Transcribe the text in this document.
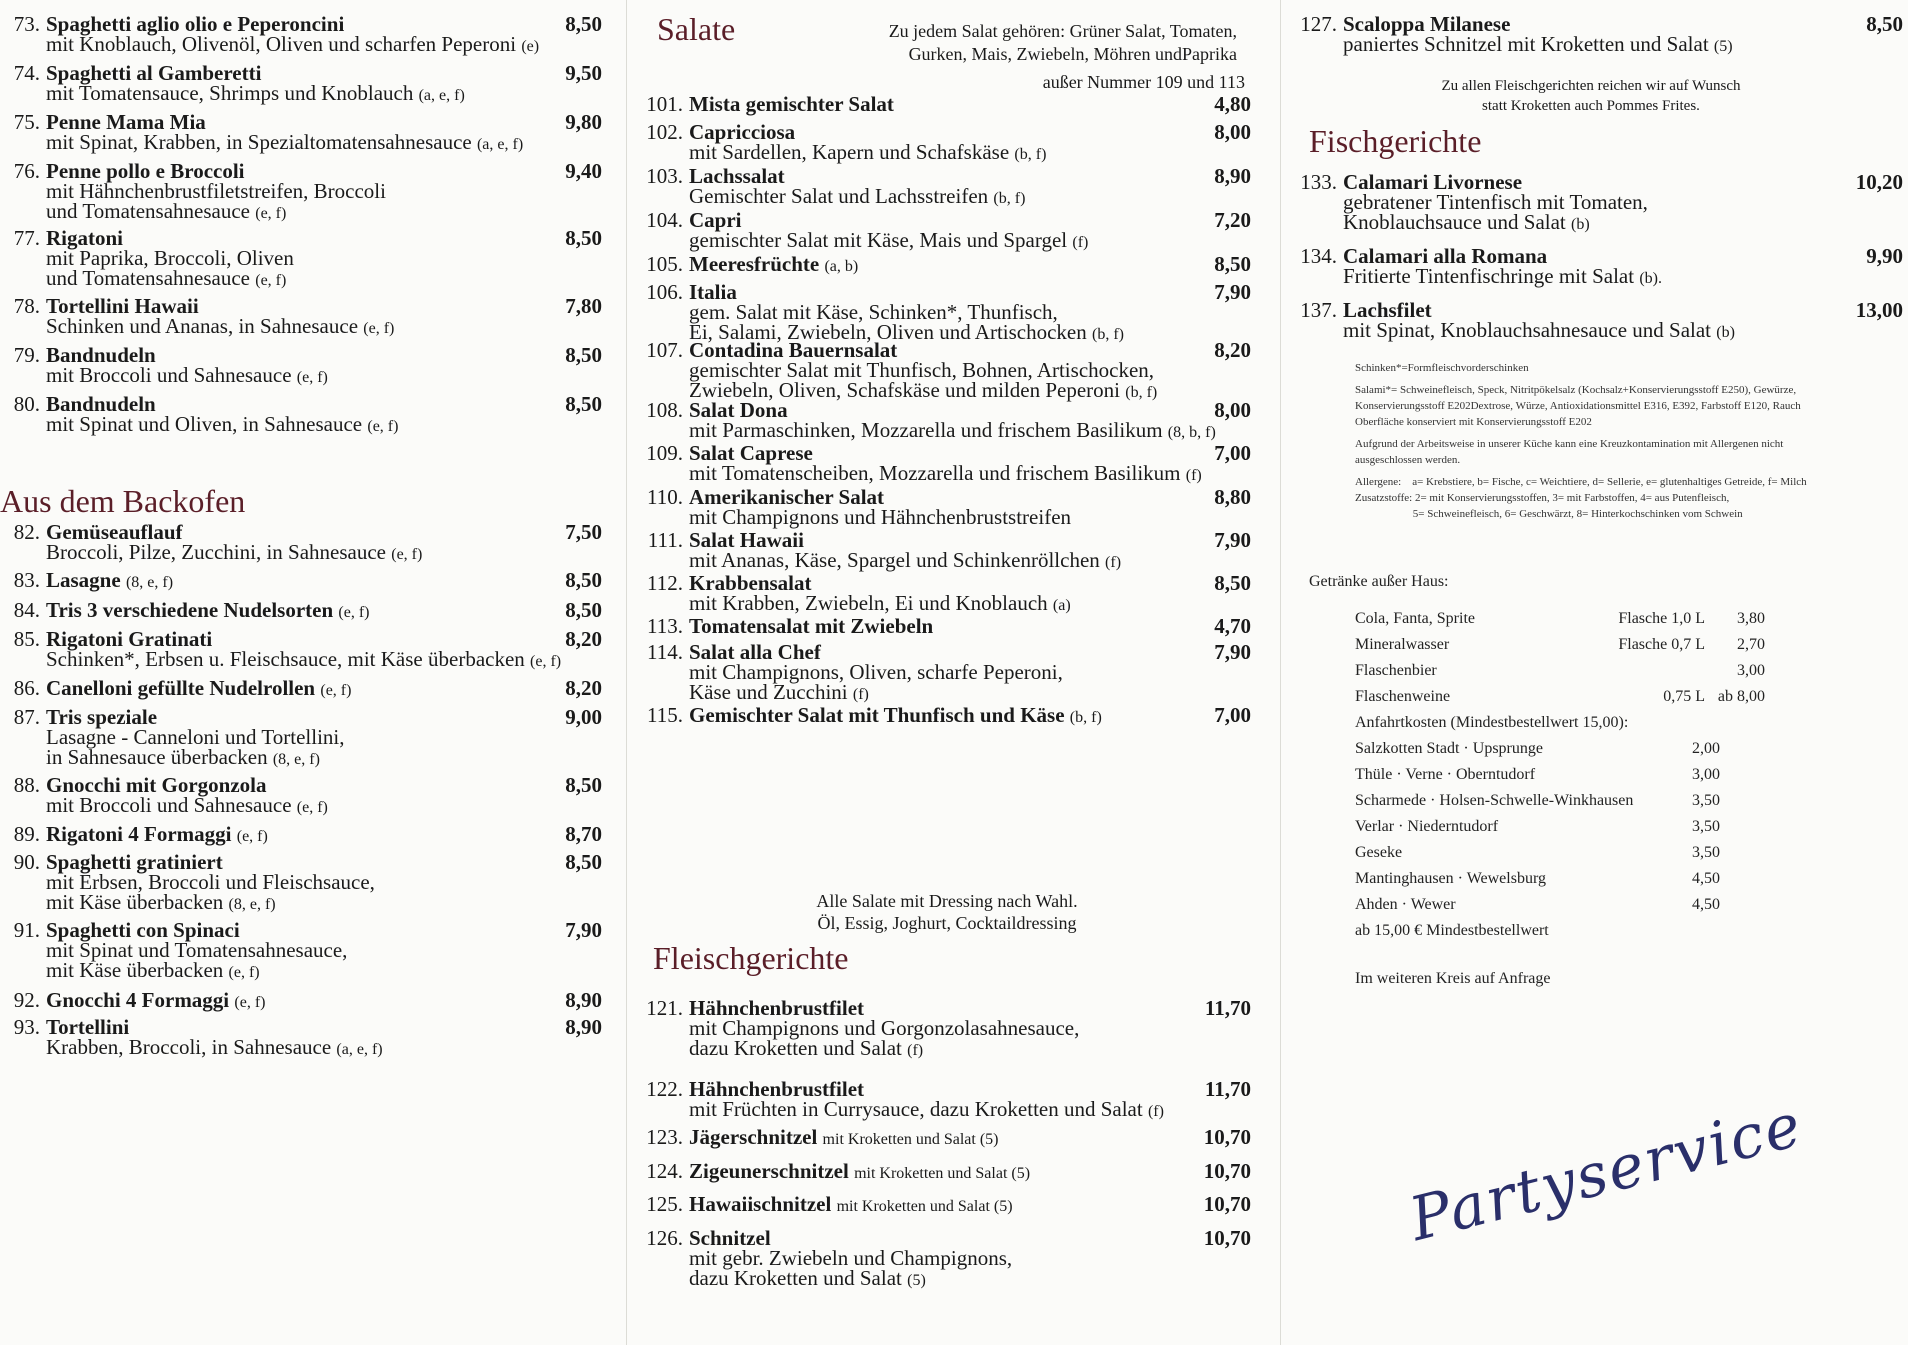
73. Spaghetti aglio olio e Peperoncini	8,50
mit Knoblauch, Olivenöl, Oliven und scharfen Peperoni (e)
74. Spaghetti al Gamberetti	9,50
mit Tomatensauce, Shrimps und Knoblauch (a, e, f)
75. Penne Mama Mia	9,80
mit Spinat, Krabben, in Spezialtomatensahnesauce (a, e, f)
76. Penne pollo e Broccoli	9,40
mit Hähnchenbrustfiletstreifen, Broccoli
und Tomatensahnesauce (e, f)
77. Rigatoni	8,50
mit Paprika, Broccoli, Oliven
und Tomatensahnesauce (e, f)
78. Tortellini Hawaii	7,80
Schinken und Ananas, in Sahnesauce (e, f)
79. Bandnudeln	8,50
mit Broccoli und Sahnesauce (e, f)
80. Bandnudeln	8,50
mit Spinat und Oliven, in Sahnesauce (e, f)
Aus dem Backofen
82. Gemüseauflauf	7,50
Broccoli, Pilze, Zucchini, in Sahnesauce (e, f)
83. Lasagne (8, e, f)	8,50
84. Tris 3 verschiedene Nudelsorten (e, f)	8,50
85. Rigatoni Gratinati	8,20
Schinken*, Erbsen u. Fleischsauce, mit Käse überbacken (e, f)
86. Canelloni gefüllte Nudelrollen (e, f)	8,20
87. Tris speziale	9,00
Lasagne - Canneloni und Tortellini,
in Sahnesauce überbacken (8, e, f)
88. Gnocchi mit Gorgonzola	8,50
mit Broccoli und Sahnesauce (e, f)
89. Rigatoni 4 Formaggi (e, f)	8,70
90. Spaghetti gratiniert	8,50
mit Erbsen, Broccoli und Fleischsauce,
mit Käse überbacken (8, e, f)
91. Spaghetti con Spinaci	7,90
mit Spinat und Tomatensahnesauce,
mit Käse überbacken (e, f)
92. Gnocchi 4 Formaggi (e, f)	8,90
93. Tortellini	8,90
Krabben, Broccoli, in Sahnesauce (a, e, f)
Salate	Zu jedem Salat gehören: Grüner Salat, Tomaten,
Gurken, Mais, Zwiebeln, Möhren undPaprika
außer Nummer 109 und 113
101. Mista gemischter Salat	4,80
102. Capricciosa	8,00
mit Sardellen, Kapern und Schafskäse (b, f)
103. Lachssalat	8,90
Gemischter Salat und Lachsstreifen (b, f)
104. Capri	7,20
gemischter Salat mit Käse, Mais und Spargel (f)
105. Meeresfrüchte (a, b)	8,50
106. Italia	7,90
gem. Salat mit Käse, Schinken*, Thunfisch,
Ei, Salami, Zwiebeln, Oliven und Artischocken (b, f)
107. Contadina Bauernsalat	8,20
gemischter Salat mit Thunfisch, Bohnen, Artischocken,
Zwiebeln, Oliven, Schafskäse und milden Peperoni (b, f)
108. Salat Dona	8,00
mit Parmaschinken, Mozzarella und frischem Basilikum (8, b, f)
109. Salat Caprese	7,00
mit Tomatenscheiben, Mozzarella und frischem Basilikum (f)
110. Amerikanischer Salat	8,80
mit Champignons und Hähnchenbruststreifen
111. Salat Hawaii	7,90
mit Ananas, Käse, Spargel und Schinkenröllchen (f)
112. Krabbensalat	8,50
mit Krabben, Zwiebeln, Ei und Knoblauch (a)
113. Tomatensalat mit Zwiebeln	4,70
114. Salat alla Chef	7,90
mit Champignons, Oliven, scharfe Peperoni,
Käse und Zucchini (f)
115. Gemischter Salat mit Thunfisch und Käse (b, f)	7,00
Alle Salate mit Dressing nach Wahl.
Öl, Essig, Joghurt, Cocktaildressing
Fleischgerichte
121. Hähnchenbrustfilet	11,70
mit Champignons und Gorgonzolasahnesauce,
dazu Kroketten und Salat (f)
122. Hähnchenbrustfilet	11,70
mit Früchten in Currysauce, dazu Kroketten und Salat (f)
123. Jägerschnitzel mit Kroketten und Salat (5)	10,70
124. Zigeunerschnitzel mit Kroketten und Salat (5)	10,70
125. Hawaiischnitzel mit Kroketten und Salat (5)	10,70
126. Schnitzel	10,70
mit gebr. Zwiebeln und Champignons,
dazu Kroketten und Salat (5)
127. Scaloppa Milanese	8,50
paniertes Schnitzel mit Kroketten und Salat (5)
Zu allen Fleischgerichten reichen wir auf Wunsch
statt Kroketten auch Pommes Frites.
Fischgerichte
133. Calamari Livornese	10,20
gebratener Tintenfisch mit Tomaten,
Knoblauchsauce und Salat (b)
134. Calamari alla Romana	9,90
Fritierte Tintenfischringe mit Salat (b).
137. Lachsfilet	13,00
mit Spinat, Knoblauchsahnesauce und Salat (b)
Schinken*=Formfleischvorderschinken
Salami*= Schweinefleisch, Speck, Nitritpökelsalz (Kochsalz+Konservierungsstoff E250), Gewürze,
Konservierungsstoff E202Dextrose, Würze, Antioxidationsmittel E316, E392, Farbstoff E120, Rauch
Oberfläche konserviert mit Konservierungsstoff E202
Aufgrund der Arbeitsweise in unserer Küche kann eine Kreuzkontamination mit Allergenen nicht
ausgeschlossen werden.
Allergene:    a= Krebstiere, b= Fische, c= Weichtiere, d= Sellerie, e= glutenhaltiges Getreide, f= Milch
Zusatzstoffe: 2= mit Konservierungsstoffen, 3= mit Farbstoffen, 4= aus Putenfleisch,
5= Schweinefleisch, 6= Geschwärzt, 8= Hinterkochschinken vom Schwein
Getränke außer Haus:
Cola, Fanta, Sprite	Flasche 1,0 L	3,80
Mineralwasser	Flasche 0,7 L	2,70
Flaschenbier	3,00
Flaschenweine	0,75 L ab 8,00
Anfahrtkosten (Mindestbestellwert 15,00):
Salzkotten Stadt · Upsprunge	2,00
Thüle · Verne · Oberntudorf	3,00
Scharmede · Holsen-Schwelle-Winkhausen	3,50
Verlar · Niederntudorf	3,50
Geseke	3,50
Mantinghausen · Wewelsburg	4,50
Ahden · Wewer	4,50
ab 15,00 € Mindestbestellwert
Im weiteren Kreis auf Anfrage
Partyservice
